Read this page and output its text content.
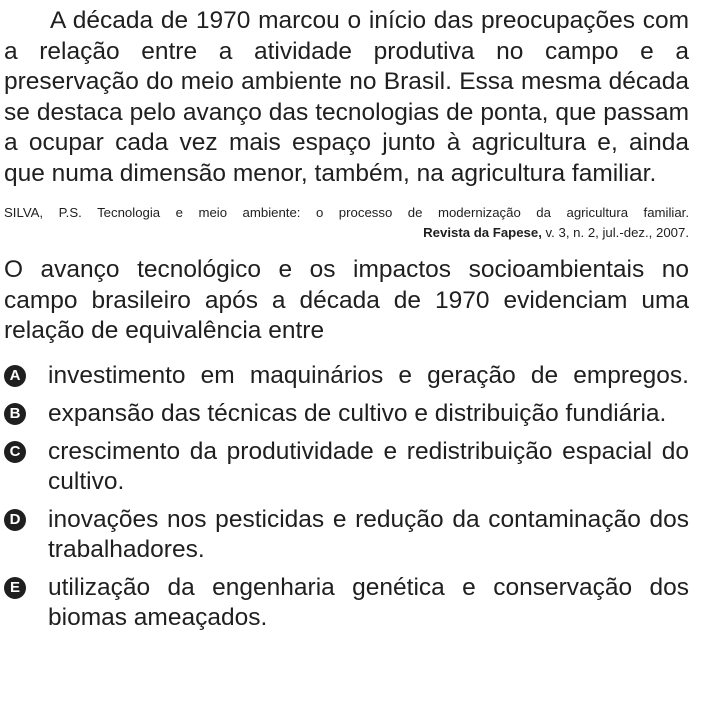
A década de 1970 marcou o início das preocupações com a relação entre a atividade produtiva no campo e a preservação do meio ambiente no Brasil. Essa mesma década se destaca pelo avanço das tecnologias de ponta, que passam a ocupar cada vez mais espaço junto à agricultura e, ainda que numa dimensão menor, também, na agricultura familiar.

SILVA, P.S. Tecnologia e meio ambiente: o processo de modernização da agricultura familiar.
Revista da Fapese, v. 3, n. 2, jul.-dez., 2007.
O avanço tecnológico e os impactos socioambientais no campo brasileiro após a década de 1970 evidenciam uma relação de equivalência entre
A investimento em maquinários e geração de empregos.
B expansão das técnicas de cultivo e distribuição fundiária.
C crescimento da produtividade e redistribuição espacial do cultivo.
D inovações nos pesticidas e redução da contaminação dos trabalhadores.
E utilização da engenharia genética e conservação dos biomas ameaçados.
